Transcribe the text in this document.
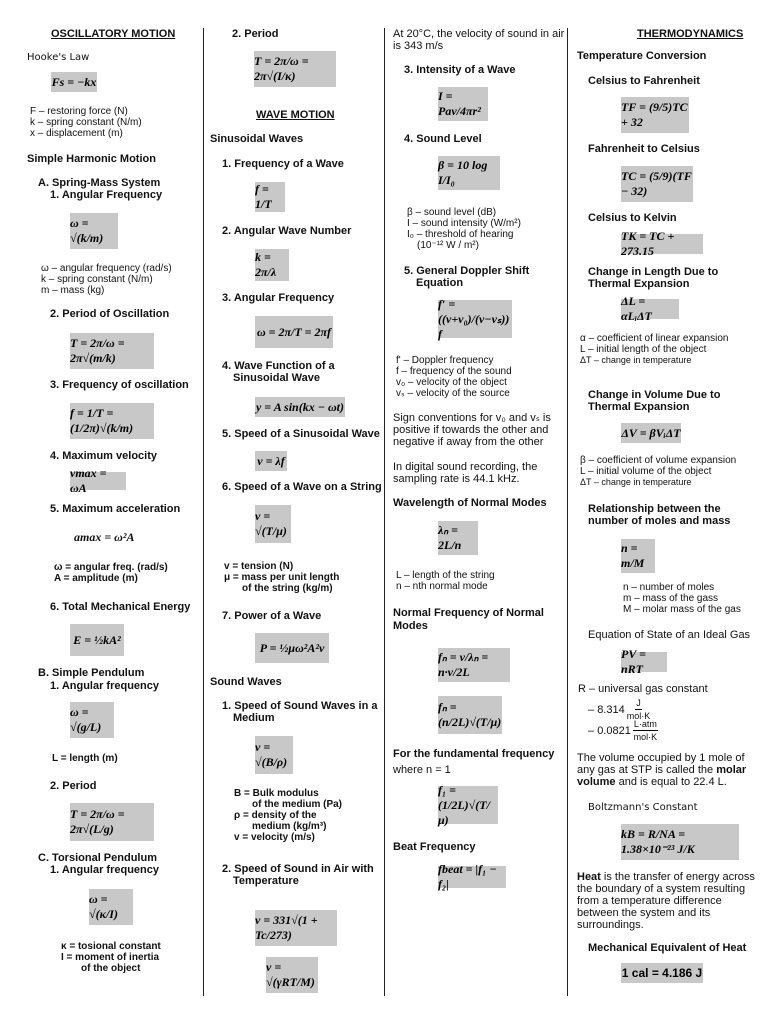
OSCILLATORY MOTION
Hooke's Law
Fs = −kx
F – restoring force (N)
k – spring constant (N/m)
x – displacement (m)
Simple Harmonic Motion
A. Spring-Mass System
1. Angular Frequency
ω = √(k/m)
ω – angular frequency (rad/s)
k – spring constant (N/m)
m – mass (kg)
2. Period of Oscillation
T = 2π/ω = 2π√(m/k)
3. Frequency of oscillation
f = 1/T = (1/2π)√(k/m)
4. Maximum velocity
vmax = ωA
5. Maximum acceleration
amax = ω²A
ω = angular freq. (rad/s)
A = amplitude (m)
6. Total Mechanical Energy
E = ½kA²
B. Simple Pendulum
1. Angular frequency
ω = √(g/L)
L = length (m)
2. Period
T = 2π/ω = 2π√(L/g)
C. Torsional Pendulum
1. Angular frequency
ω = √(κ/I)
κ = tosional constant
I = moment of inertia
of the object
2. Period
T = 2π/ω = 2π√(I/κ)
WAVE MOTION
Sinusoidal Waves
1. Frequency of a Wave
f = 1/T
2. Angular Wave Number
k = 2π/λ
3. Angular Frequency
ω = 2π/T = 2πf
4. Wave Function of a
Sinusoidal Wave
y = A sin(kx − ωt)
5. Speed of a Sinusoidal Wave
v = λf
6. Speed of a Wave on a String
v = √(T/μ)
v = tension (N)
μ = mass per unit length
of the string (kg/m)
7. Power of a Wave
P = ½μω²A²v
Sound Waves
1. Speed of Sound Waves in a
Medium
v = √(B/ρ)
B = Bulk modulus
of the medium (Pa)
ρ = density of the
medium (kg/m³)
v = velocity (m/s)
2. Speed of Sound in Air with
Temperature
v = 331√(1 + Tc/273)
v = √(γRT/M)
At 20°C, the velocity of sound in air
is 343 m/s
3. Intensity of a Wave
I = Pav/4πr²
4. Sound Level
β = 10 log I/I₀
β – sound level (dB)
I – sound intensity (W/m²)
I₀ – threshold of hearing
(10⁻¹² W / m²)
5. General Doppler Shift
Equation
f′ = ((v+v₀)/(v−vₛ)) f
f' – Doppler frequency
f – frequency of the sound
v₀ – velocity of the object
vₛ – velocity of the source
Sign conventions for v₀ and vₛ is positive if towards the other and negative if away from the other
In digital sound recording, the sampling rate is 44.1 kHz.
Wavelength of Normal Modes
λₙ = 2L/n
L – length of the string
n – nth normal mode
Normal Frequency of Normal
Modes
fₙ = v/λₙ = n·v/2L
fₙ = (n/2L)√(T/μ)
For the fundamental frequency
where n = 1
f₁ = (1/2L)√(T/μ)
Beat Frequency
fbeat = |f₁ − f₂|
THERMODYNAMICS
Temperature Conversion
Celsius to Fahrenheit
TF = (9/5)TC + 32
Fahrenheit to Celsius
TC = (5/9)(TF − 32)
Celsius to Kelvin
TK = TC + 273.15
Change in Length Due to
Thermal Expansion
ΔL = αLᵢΔT
α – coefficient of linear expansion
L – initial length of the object
ΔT – change in temperature
Change in Volume Due to
Thermal Expansion
ΔV = βVᵢΔT
β – coefficient of volume expansion
L – initial volume of the object
ΔT – change in temperature
Relationship between the
number of moles and mass
n = m/M
n – number of moles
m – mass of the gass
M – molar mass of the gas
Equation of State of an Ideal Gas
PV = nRT
R – universal gas constant
– $8.314 \frac{J}{\text{mol·K}}$
– $0.0821 \frac{\text{L·atm}}{\text{mol·K}}$
The volume occupied by 1 mole of any gas at STP is called the molar volume and is equal to 22.4 L.
Boltzmann's Constant
kB = R/NA = 1.38×10⁻²³ J/K
Heat is the transfer of energy across the boundary of a system resulting from a temperature difference between the system and its surroundings.
Mechanical Equivalent of Heat
1 cal = 4.186 J
